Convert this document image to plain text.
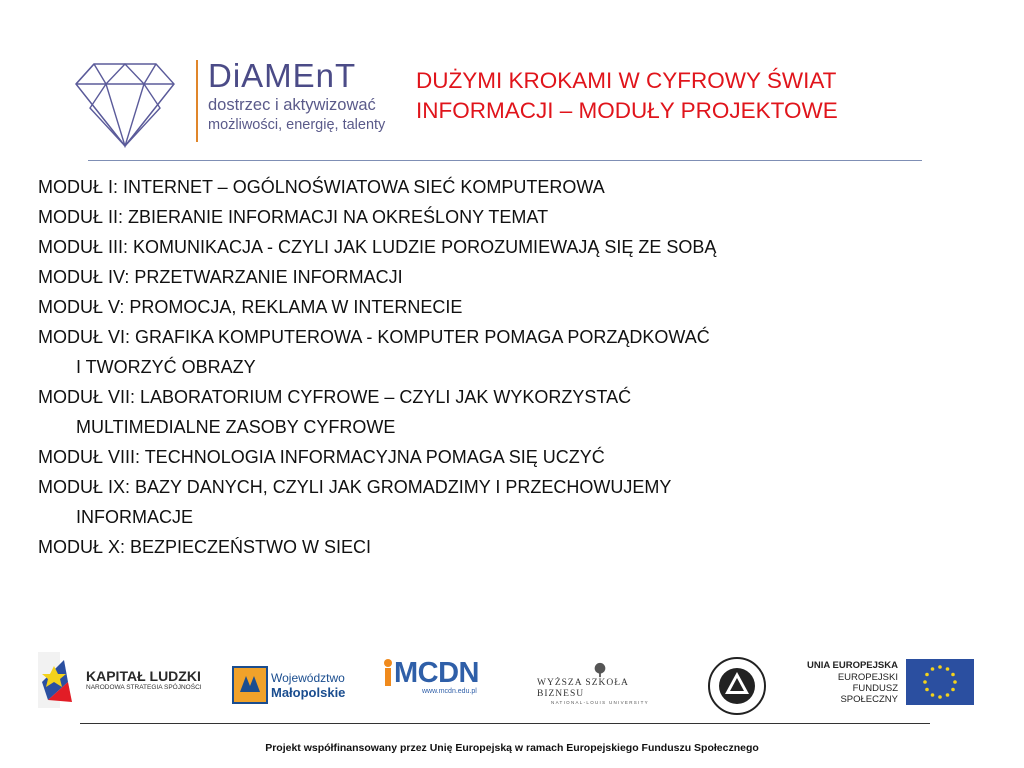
DiAMEnT
dostrzec i aktywizować
możliwości, energię, talenty
DUŻYMI KROKAMI W CYFROWY ŚWIAT
INFORMACJI – MODUŁY PROJEKTOWE
MODUŁ I: INTERNET – OGÓLNOŚWIATOWA SIEĆ KOMPUTEROWA
MODUŁ II: ZBIERANIE INFORMACJI NA OKREŚLONY TEMAT
MODUŁ III: KOMUNIKACJA - CZYLI JAK LUDZIE POROZUMIEWAJĄ SIĘ ZE SOBĄ
MODUŁ IV: PRZETWARZANIE INFORMACJI
MODUŁ V: PROMOCJA, REKLAMA W INTERNECIE
MODUŁ VI: GRAFIKA KOMPUTEROWA - KOMPUTER POMAGA PORZĄDKOWAĆ
I TWORZYĆ OBRAZY
MODUŁ VII: LABORATORIUM CYFROWE – CZYLI JAK WYKORZYSTAĆ
MULTIMEDIALNE ZASOBY CYFROWE
MODUŁ VIII: TECHNOLOGIA INFORMACYJNA POMAGA SIĘ UCZYĆ
MODUŁ IX: BAZY DANYCH, CZYLI JAK GROMADZIMY I PRZECHOWUJEMY
INFORMACJE
MODUŁ X: BEZPIECZEŃSTWO W SIECI
KAPITAŁ LUDZKI
NARODOWA STRATEGIA SPÓJNOŚCI
Województwo
Małopolskie
MCDN
www.mcdn.edu.pl
WYŻSZA SZKOŁA BIZNESU
NATIONAL-LOUIS UNIVERSITY
UNIA EUROPEJSKA
EUROPEJSKI
FUNDUSZ SPOŁECZNY
Projekt współfinansowany przez Unię Europejską w ramach Europejskiego Funduszu Społecznego
